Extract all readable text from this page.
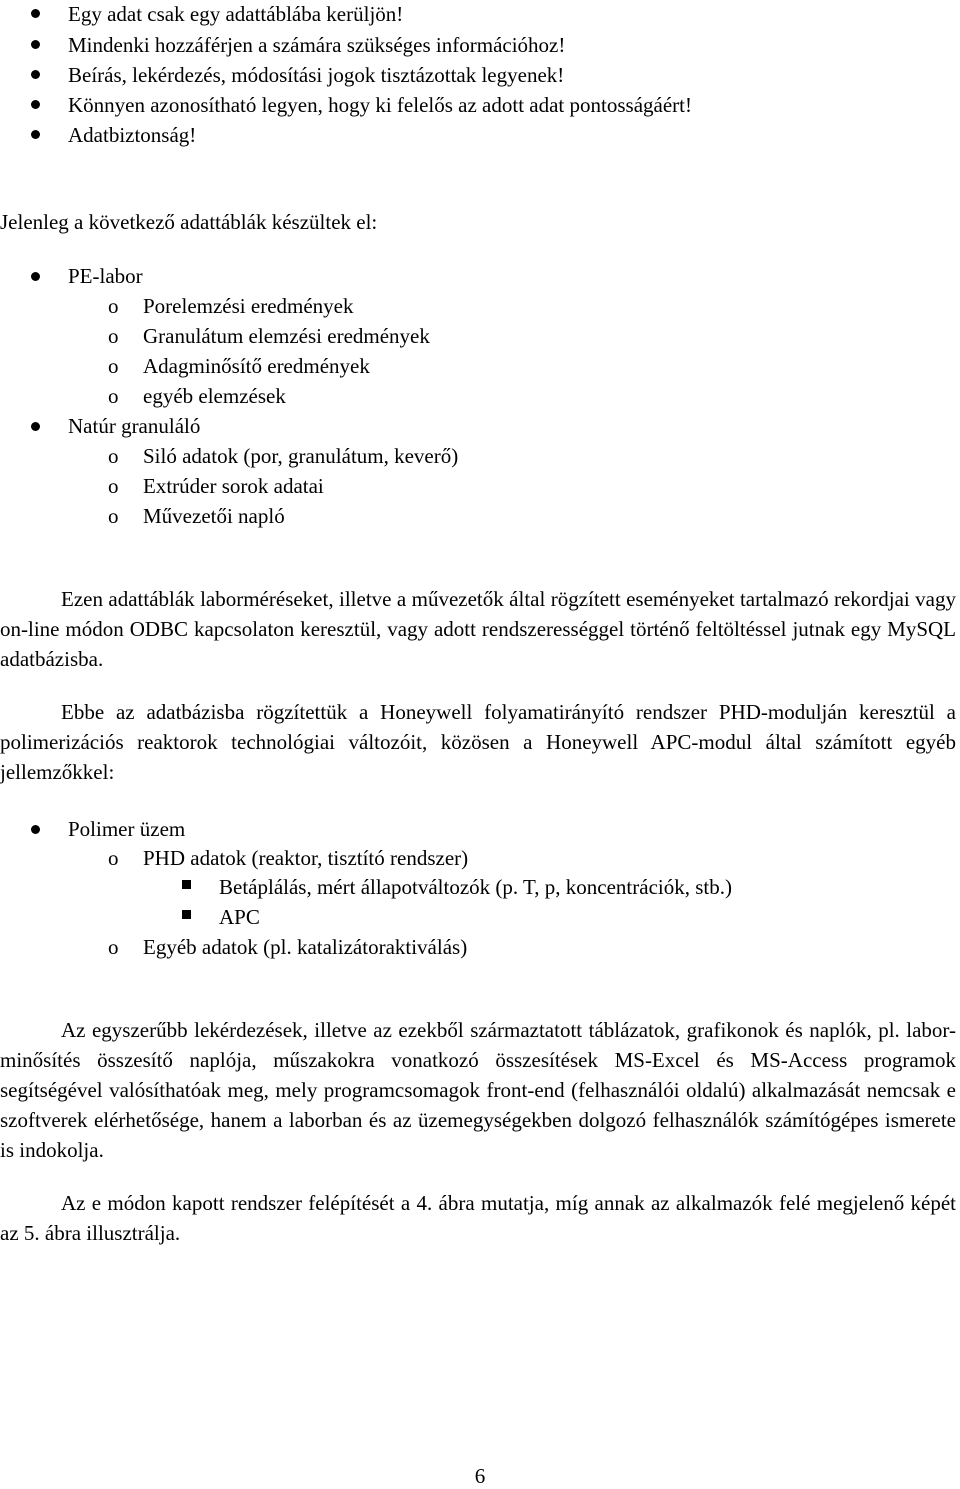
Egy adat csak egy adattáblába kerüljön!
Mindenki hozzáférjen a számára szükséges információhoz!
Beírás, lekérdezés, módosítási jogok tisztázottak legyenek!
Könnyen azonosítható legyen, hogy ki felelős az adott adat pontosságáért!
Adatbiztonság!
Jelenleg a következő adattáblák készültek el:
PE-labor
o Porelemzési eredmények
o Granulátum elemzési eredmények
o Adagminősítő eredmények
o egyéb elemzések
Natúr granuláló
o Siló adatok (por, granulátum, keverő)
o Extrúder sorok adatai
o Művezetői napló
Ezen adattáblák laborméréseket, illetve a művezetők által rögzített eseményeket tartalmazó rekordjai vagy on-line módon ODBC kapcsolaton keresztül, vagy adott rendszerességgel történő feltöltéssel jutnak egy MySQL adatbázisba.
Ebbe az adatbázisba rögzítettük a Honeywell folyamatirányító rendszer PHD-modulján keresztül a polimerizációs reaktorok technológiai változóit, közösen a Honeywell APC-modul által számított egyéb jellemzőkkel:
Polimer üzem
o PHD adatok (reaktor, tisztító rendszer)
Betáplálás, mért állapotváltozók (p. T, p, koncentrációk, stb.)
APC
o Egyéb adatok (pl. katalizátoraktiválás)
Az egyszerűbb lekérdezések, illetve az ezekből származtatott táblázatok, grafikonok és naplók, pl. labor-minősítés összesítő naplója, műszakokra vonatkozó összesítések MS-Excel és MS-Access programok segítségével valósíthatóak meg, mely programcsomagok front-end (felhasználói oldalú) alkalmazását nemcsak e szoftverek elérhetősége, hanem a laborban és az üzemegységekben dolgozó felhasználók számítógépes ismerete is indokolja.
Az e módon kapott rendszer felépítését a 4. ábra mutatja, míg annak az alkalmazók felé megjelenő képét az 5. ábra illusztrálja.
6
